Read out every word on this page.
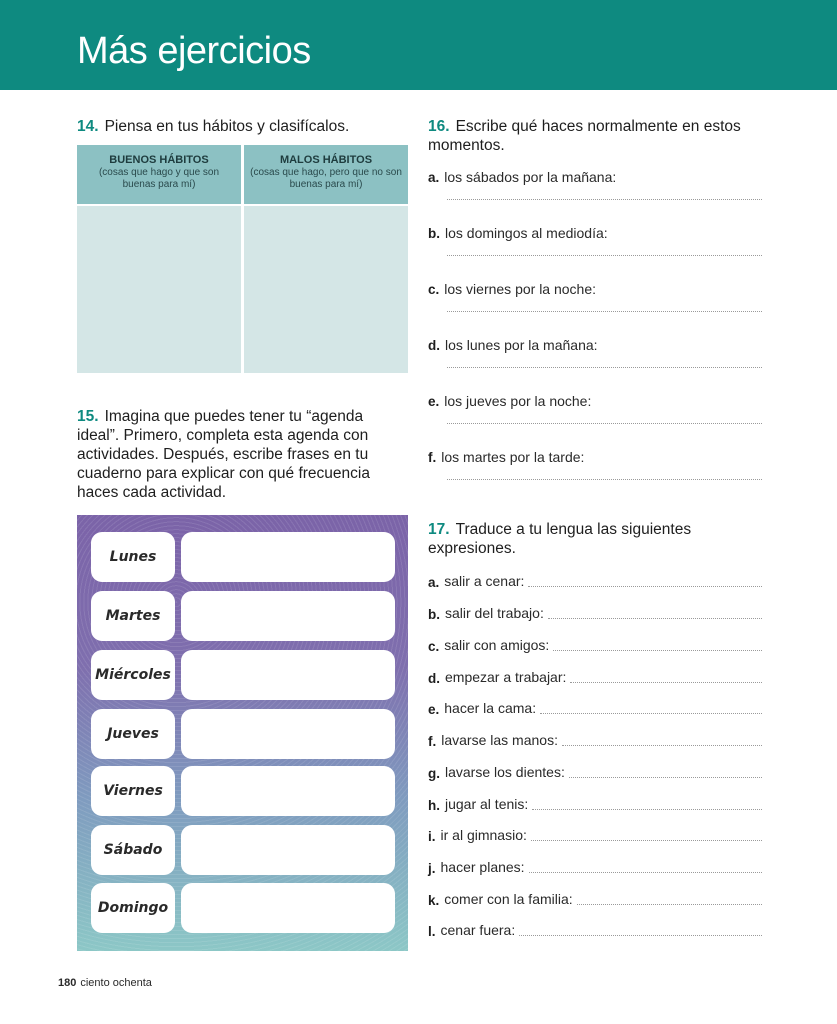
Más ejercicios
14. Piensa en tus hábitos y clasifícalos.
BUENOS HÁBITOS
(cosas que hago y que son buenas para mí)
MALOS HÁBITOS
(cosas que hago, pero que no son buenas para mí)
15. Imagina que puedes tener tu “agenda ideal”. Primero, completa esta agenda con actividades. Después, escribe frases en tu cuaderno para explicar con qué frecuencia haces cada actividad.
Lunes
Martes
Miércoles
Jueves
Viernes
Sábado
Domingo
16. Escribe qué haces normalmente en estos momentos.
a. los sábados por la mañana:
b. los domingos al mediodía:
c. los viernes por la noche:
d. los lunes por la mañana:
e. los jueves por la noche:
f. los martes por la tarde:
17. Traduce a tu lengua las siguientes expresiones.
a. salir a cenar:
b. salir del trabajo:
c. salir con amigos:
d. empezar a trabajar:
e. hacer la cama:
f. lavarse las manos:
g. lavarse los dientes:
h. jugar al tenis:
i. ir al gimnasio:
j. hacer planes:
k. comer con la familia:
l. cenar fuera:
180 ciento ochenta
